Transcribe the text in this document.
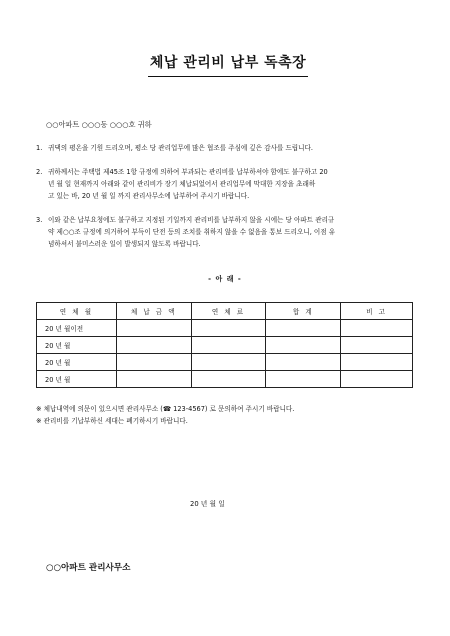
체납 관리비 납부 독촉장
○○아파트 ○○○동 ○○○호 귀하
1. 귀댁의 평온을 기원 드리오며, 평소 당 관리업무에 많은 협조를 주심에 깊은 감사를 드립니다.
2. 귀하께서는 주택법 제45조 1항 규정에 의하여 부과되는 관리비를 납부하셔야 함에도 불구하고 20
년 월 일 현재까지 아래와 같이 관리비가 장기 체납되었어서 관리업무에 막대한 지장을 초래하
고 있는 바, 20 년 월 일 까지 관리사무소에 납부하여 주시기 바랍니다.
3. 이와 같은 납부요청에도 불구하고 지정된 기일까지 관리비를 납부하지 않을 시에는 당 아파트 관리규
약 제○○조 규정에 의거하여 부득이 단전 등의 조치를 취하지 않을 수 없음을 통보 드리오니, 이점 유
념하셔서 불미스러운 일이 발생되지 않도록 바랍니다.
- 아 래 -
연 체 월	체 납 금 액	연 체 료	합 계	비 고
20 년 월이전				
20 년 월				
20 년 월				
20 년 월				
※ 체납내역에 의문이 있으시면 관리사무소 (☎ 123-4567) 로 문의하여 주시기 바랍니다.
※ 관리비를 기납부하신 세대는 폐기하시기 바랍니다.
20 년 월 일
○○아파트 관리사무소
